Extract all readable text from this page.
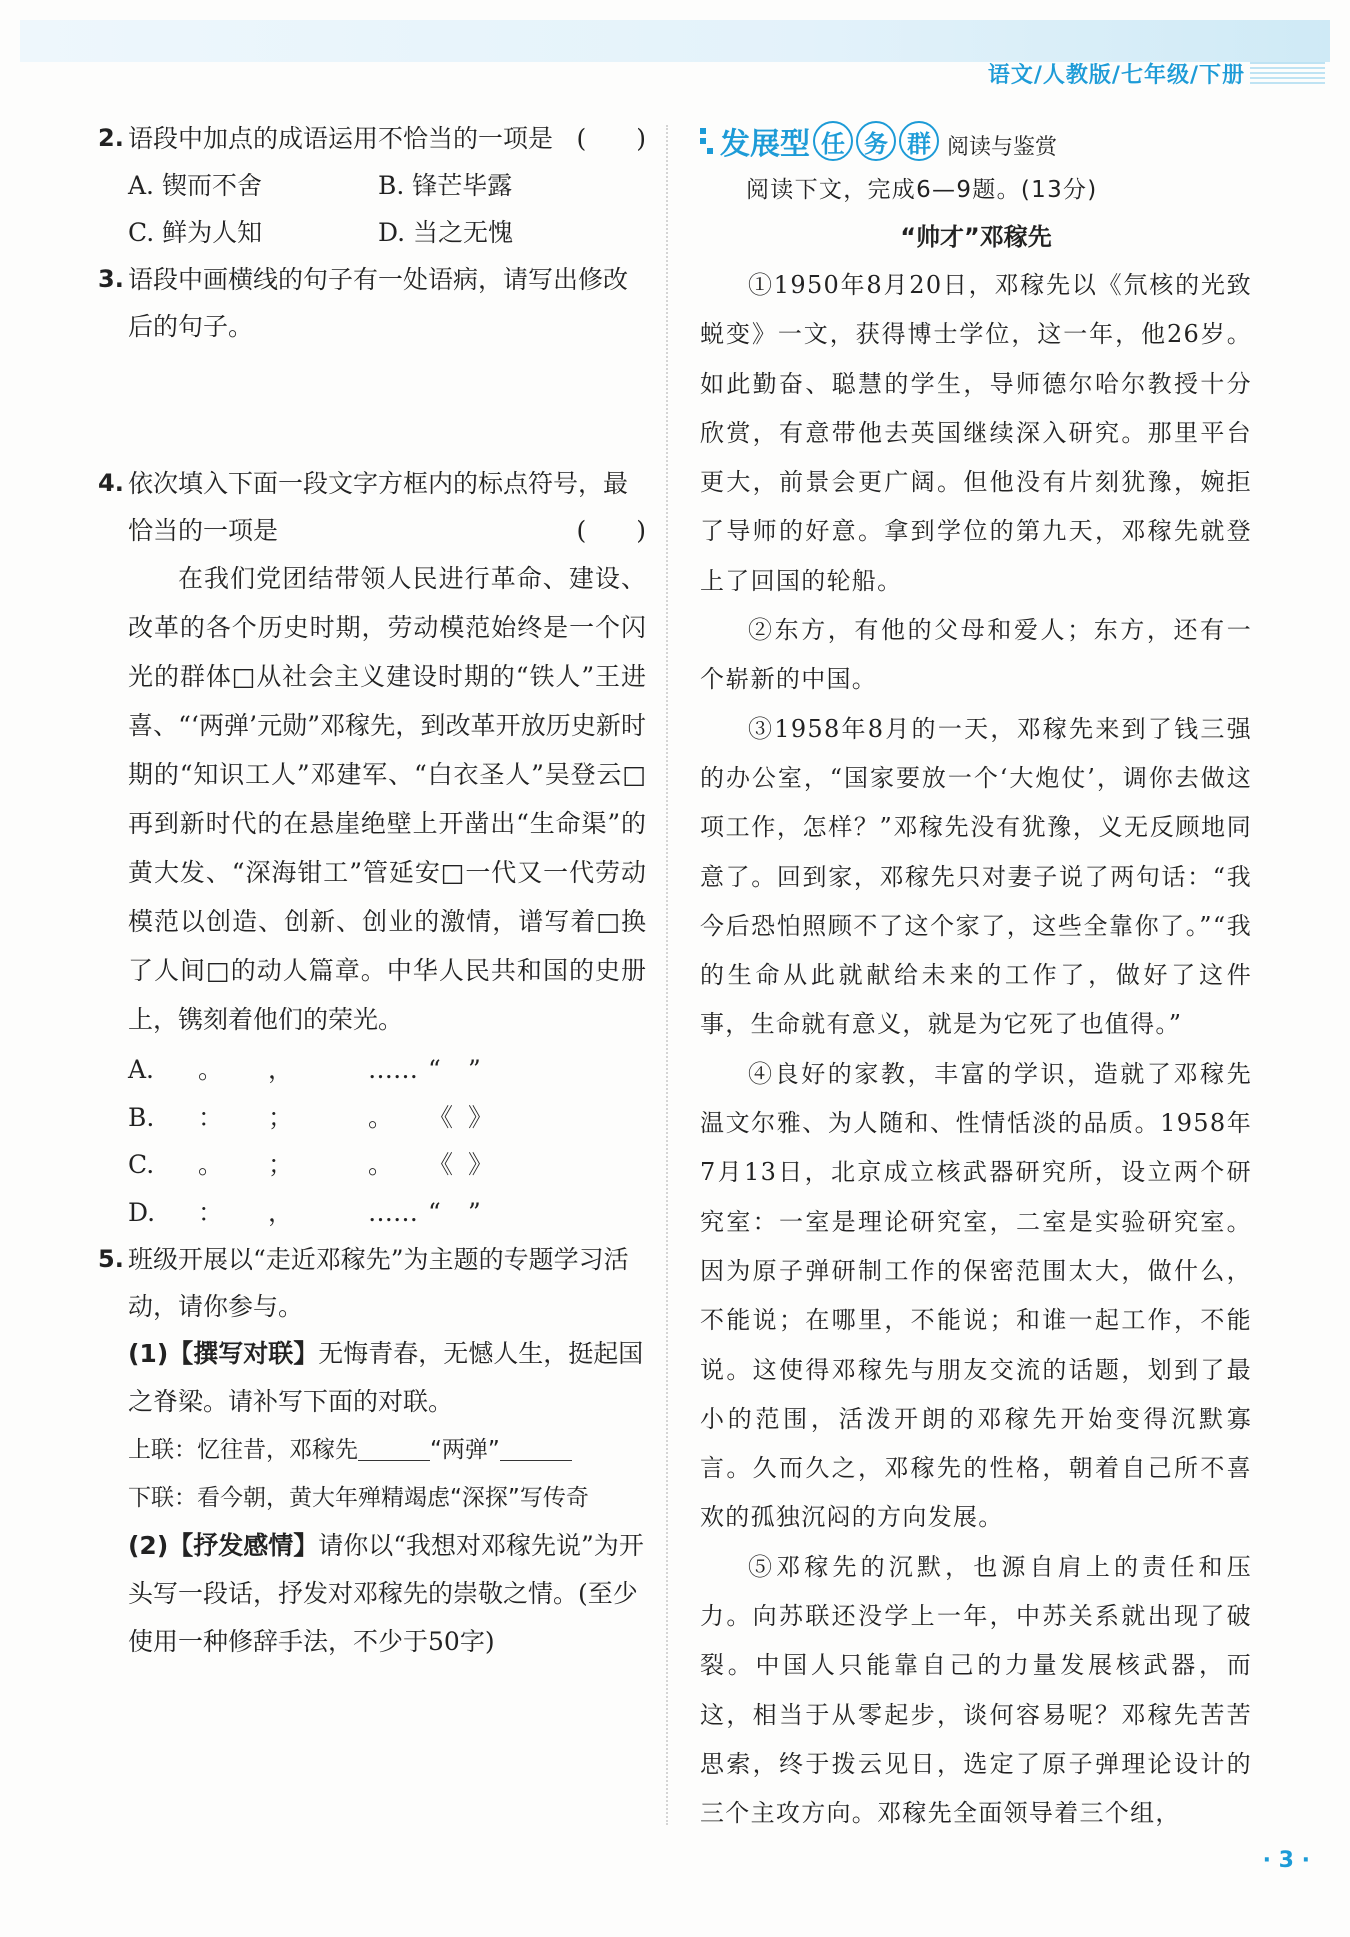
语文/人教版/七年级/下册
2. 语段中加点的成语运用不恰当的一项是 (　　)
A. 锲而不舍	B. 锋芒毕露
C. 鲜为人知	D. 当之无愧
3. 语段中画横线的句子有一处语病，请写出修改后的句子。
4. 依次填入下面一段文字方框内的标点符号，最恰当的一项是	(　　)

在我们党团结带领人民进行革命、建设、改革的各个历史时期，劳动模范始终是一个闪光的群体□从社会主义建设时期的“铁人”王进喜、“‘两弹’元勋”邓稼先，到改革开放历史新时期的“知识工人”邓建军、“白衣圣人”吴登云□再到新时代的在悬崖绝壁上开凿出“生命渠”的黄大发、“深海钳工”管延安□一代又一代劳动模范以创造、创新、创业的激情，谱写着□换了人间□的动人篇章。中华人民共和国的史册上，镌刻着他们的荣光。

A.	。	，	…… “	”
B.	：	；	。	《 》
C.	。	；	。	《 》
D.	：	，	…… “	”
5. 班级开展以“走近邓稼先”为主题的专题学习活动，请你参与。
(1)【撰写对联】无悔青春，无憾人生，挺起国之脊梁。请补写下面的对联。
上联：忆往昔，邓稼先	“两弹”
下联：看今朝，黄大年殚精竭虑“深探”写传奇
(2)【抒发感情】请你以“我想对邓稼先说”为开头写一段话，抒发对邓稼先的崇敬之情。(至少使用一种修辞手法，不少于50字)
发展型 任 务 群 阅读与鉴赏

阅读下文，完成6—9题。(13分)

“帅才”邓稼先

①1950年8月20日，邓稼先以《氘核的光致蜕变》一文，获得博士学位，这一年，他26岁。如此勤奋、聪慧的学生，导师德尔哈尔教授十分欣赏，有意带他去英国继续深入研究。那里平台更大，前景会更广阔。但他没有片刻犹豫，婉拒了导师的好意。拿到学位的第九天，邓稼先就登上了回国的轮船。

②东方，有他的父母和爱人；东方，还有一个崭新的中国。

③1958年8月的一天，邓稼先来到了钱三强的办公室，“国家要放一个‘大炮仗’，调你去做这项工作，怎样？”邓稼先没有犹豫，义无反顾地同意了。回到家，邓稼先只对妻子说了两句话：“我今后恐怕照顾不了这个家了，这些全靠你了。”“我的生命从此就献给未来的工作了，做好了这件事，生命就有意义，就是为它死了也值得。”

④良好的家教，丰富的学识，造就了邓稼先温文尔雅、为人随和、性情恬淡的品质。1958年7月13日，北京成立核武器研究所，设立两个研究室：一室是理论研究室，二室是实验研究室。因为原子弹研制工作的保密范围太大，做什么，不能说；在哪里，不能说；和谁一起工作，不能说。这使得邓稼先与朋友交流的话题，划到了最小的范围，活泼开朗的邓稼先开始变得沉默寡言。久而久之，邓稼先的性格，朝着自己所不喜欢的孤独沉闷的方向发展。

⑤邓稼先的沉默，也源自肩上的责任和压力。向苏联还没学上一年，中苏关系就出现了破裂。中国人只能靠自己的力量发展核武器，而这，相当于从零起步，谈何容易呢？邓稼先苦苦思索，终于拨云见日，选定了原子弹理论设计的三个主攻方向。邓稼先全面领导着三个组，

· 3 ·
